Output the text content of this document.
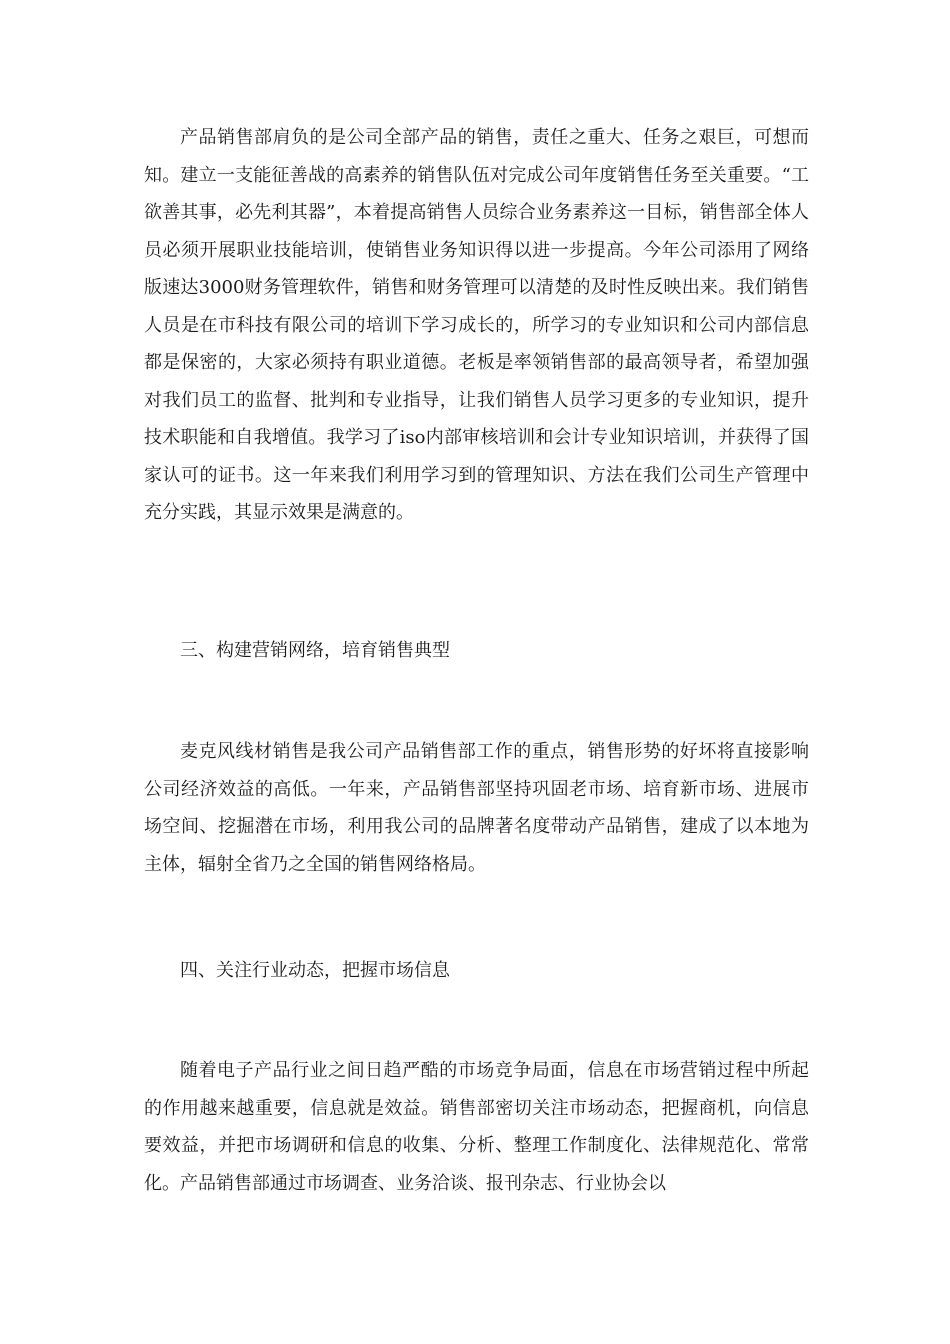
产品销售部肩负的是公司全部产品的销售，责任之重大、任务之艰巨，可想而知。建立一支能征善战的高素养的销售队伍对完成公司年度销售任务至关重要。“工欲善其事，必先利其器”，本着提高销售人员综合业务素养这一目标，销售部全体人员必须开展职业技能培训，使销售业务知识得以进一步提高。今年公司添用了网络版速达3000财务管理软件，销售和财务管理可以清楚的及时性反映出来。我们销售人员是在市科技有限公司的培训下学习成长的，所学习的专业知识和公司内部信息都是保密的，大家必须持有职业道德。老板是率领销售部的最高领导者，希望加强对我们员工的监督、批判和专业指导，让我们销售人员学习更多的专业知识，提升技术职能和自我增值。我学习了iso内部审核培训和会计专业知识培训，并获得了国家认可的证书。这一年来我们利用学习到的管理知识、方法在我们公司生产管理中充分实践，其显示效果是满意的。

三、构建营销网络，培育销售典型

麦克风线材销售是我公司产品销售部工作的重点，销售形势的好坏将直接影响公司经济效益的高低。一年来，产品销售部坚持巩固老市场、培育新市场、进展市场空间、挖掘潜在市场，利用我公司的品牌著名度带动产品销售，建成了以本地为主体，辐射全省乃之全国的销售网络格局。

四、关注行业动态，把握市场信息

随着电子产品行业之间日趋严酷的市场竞争局面，信息在市场营销过程中所起的作用越来越重要，信息就是效益。销售部密切关注市场动态，把握商机，向信息要效益，并把市场调研和信息的收集、分析、整理工作制度化、法律规范化、常常化。产品销售部通过市场调查、业务洽谈、报刊杂志、行业协会以
